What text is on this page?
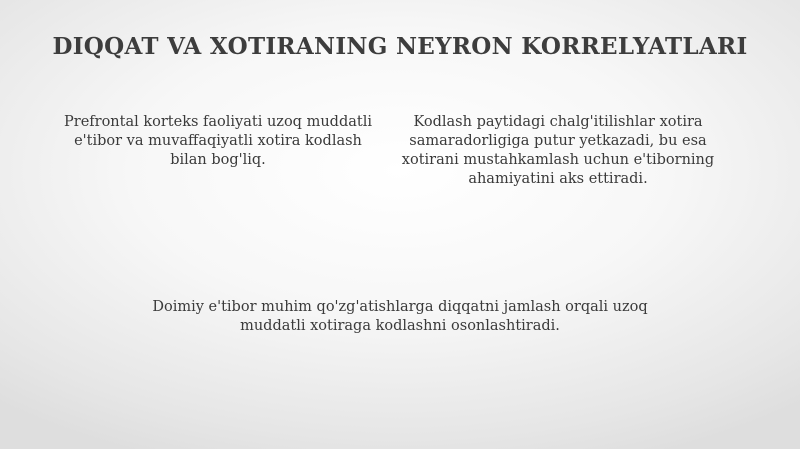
DIQQAT VA XOTIRANING NEYRON KORRELYATLARI
Prefrontal korteks faoliyati uzoq muddatli e'tibor va muvaffaqiyatli xotira kodlash bilan bog'liq.
Kodlash paytidagi chalg'itilishlar xotira samaradorligiga putur yetkazadi, bu esa xotirani mustahkamlash uchun e'tiborning ahamiyatini aks ettiradi.
Doimiy e'tibor muhim qo'zg'atishlarga diqqatni jamlash orqali uzoq muddatli xotiraga kodlashni osonlashtiradi.
